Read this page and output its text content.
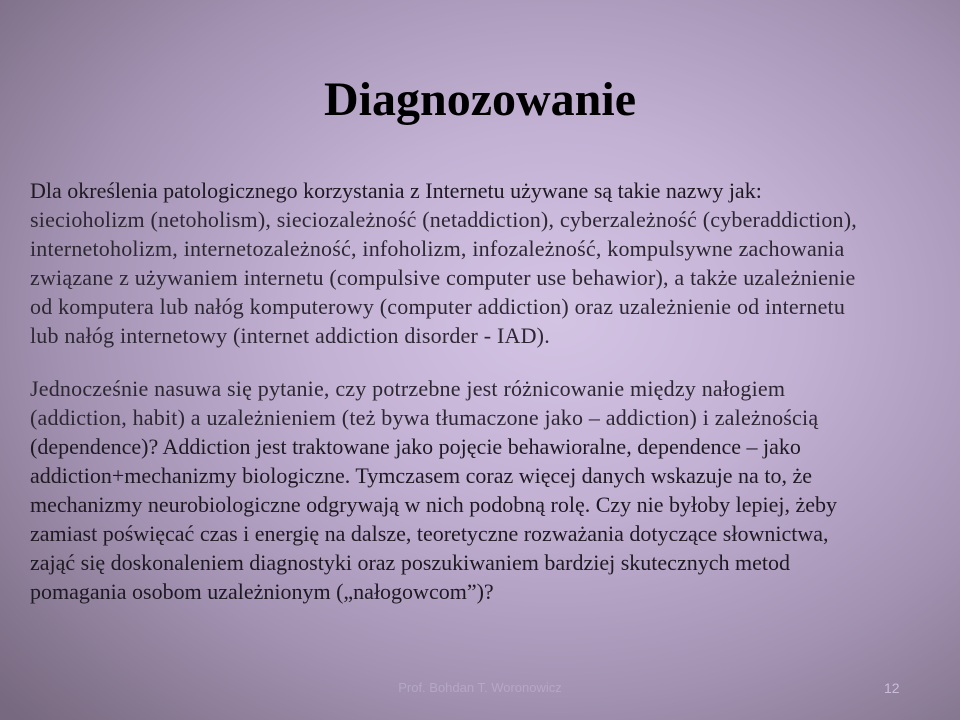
Diagnozowanie
Dla określenia patologicznego korzystania z Internetu używane są takie nazwy jak:
siecioholizm (netoholism), sieciozależność (netaddiction), cyberzależność (cyberaddiction),
internetoholizm, internetozależność, infoholizm, infozależność, kompulsywne zachowania
związane z używaniem internetu (compulsive computer use behawior), a także uzależnienie
od komputera lub nałóg komputerowy (computer addiction) oraz uzależnienie od internetu
lub nałóg internetowy (internet addiction disorder - IAD).
Jednocześnie nasuwa się pytanie, czy potrzebne jest różnicowanie między nałogiem
(addiction, habit) a uzależnieniem (też bywa tłumaczone jako – addiction) i zależnością
(dependence)? Addiction jest traktowane jako pojęcie behawioralne, dependence – jako
addiction+mechanizmy biologiczne. Tymczasem coraz więcej danych wskazuje na to, że
mechanizmy neurobiologiczne odgrywają w nich podobną rolę. Czy nie byłoby lepiej, żeby
zamiast poświęcać czas i energię na dalsze, teoretyczne rozważania dotyczące słownictwa,
zająć się doskonaleniem diagnostyki oraz poszukiwaniem bardziej skutecznych metod
pomagania osobom uzależnionym („nałogowcom”)?
Prof. Bohdan T. Woronowicz	12
